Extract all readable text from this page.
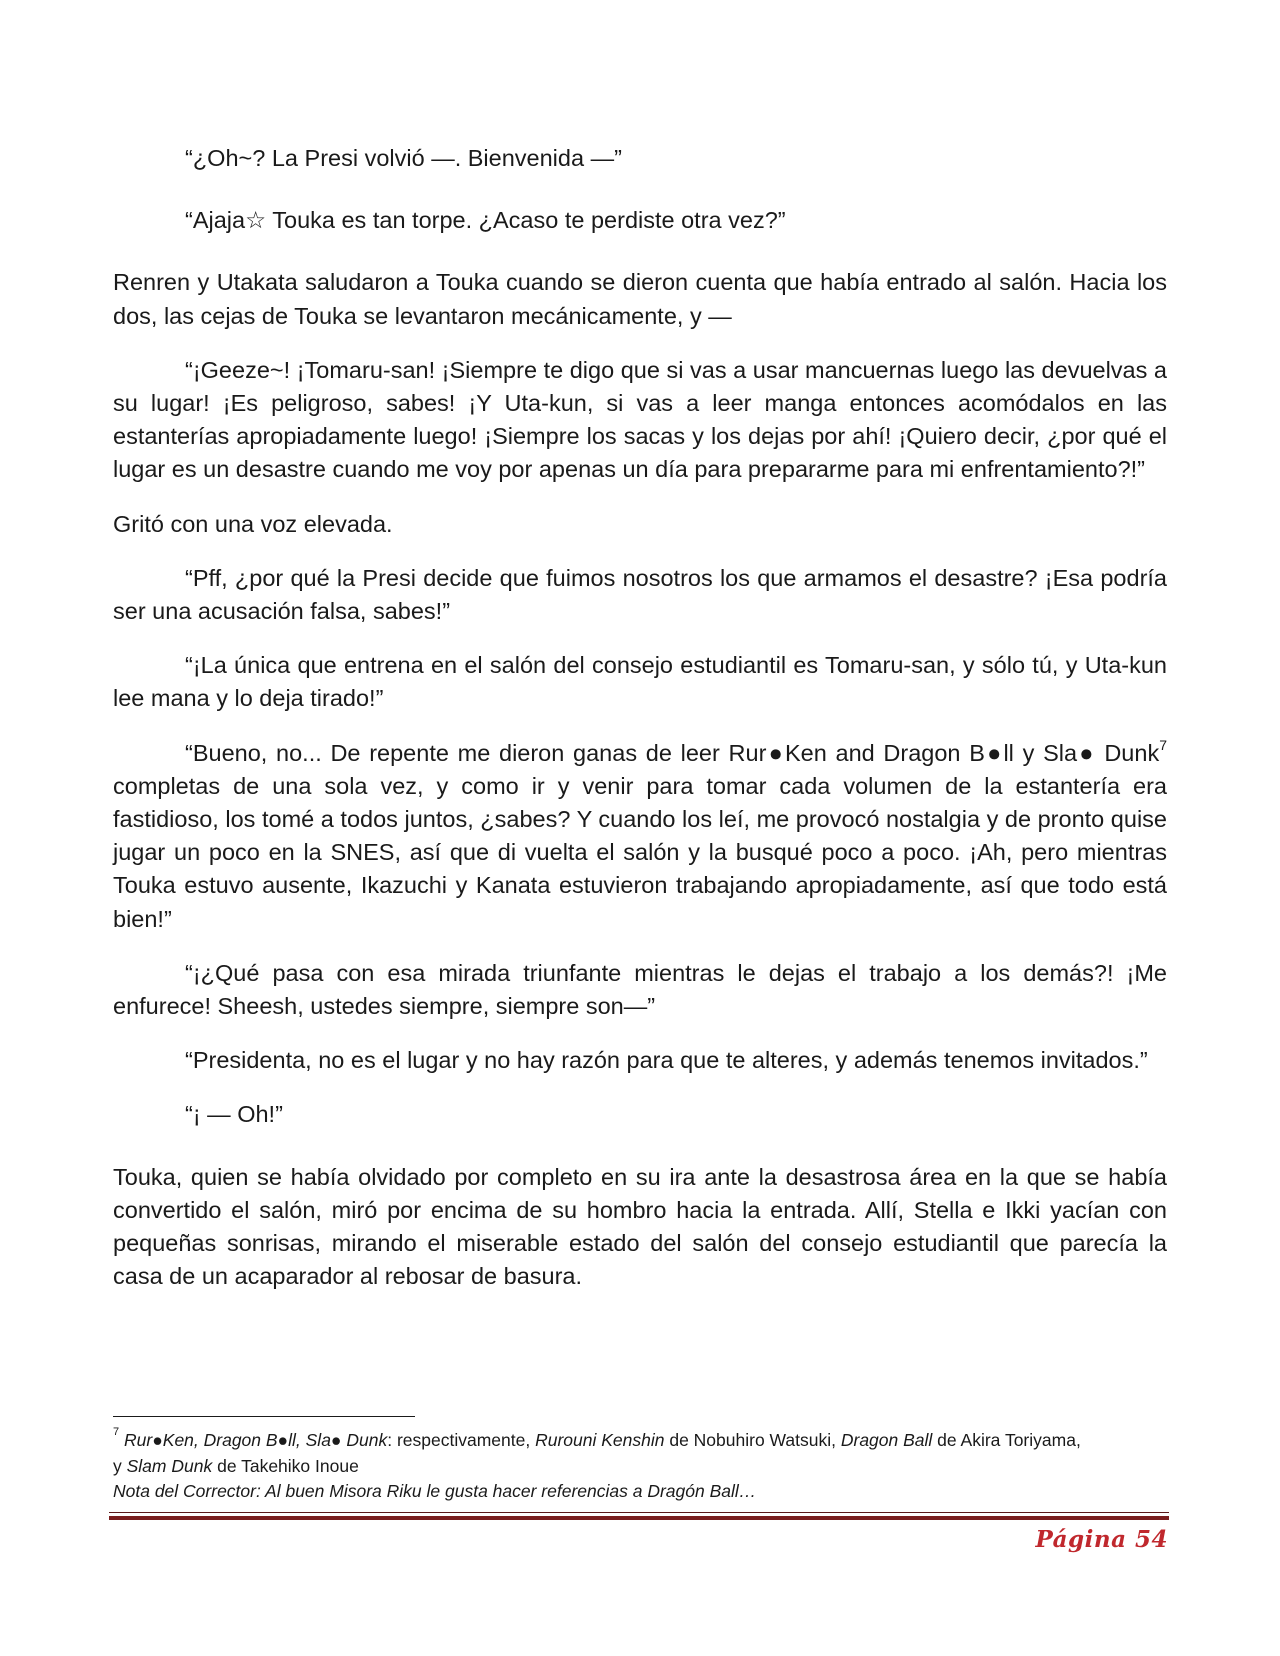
“¿Oh~? La Presi volvió —. Bienvenida —”

“Ajaja☆ Touka es tan torpe. ¿Acaso te perdiste otra vez?”

Renren y Utakata saludaron a Touka cuando se dieron cuenta que había entrado al salón. Hacia los dos, las cejas de Touka se levantaron mecánicamente, y —

“¡Geeze~! ¡Tomaru-san! ¡Siempre te digo que si vas a usar mancuernas luego las devuelvas a su lugar! ¡Es peligroso, sabes! ¡Y Uta-kun, si vas a leer manga entonces acomódalos en las estanterías apropiadamente luego! ¡Siempre los sacas y los dejas por ahí! ¡Quiero decir, ¿por qué el lugar es un desastre cuando me voy por apenas un día para prepararme para mi enfrentamiento?!”

Gritó con una voz elevada.

“Pff, ¿por qué la Presi decide que fuimos nosotros los que armamos el desastre? ¡Esa podría ser una acusación falsa, sabes!”

“¡La única que entrena en el salón del consejo estudiantil es Tomaru-san, y sólo tú, y Uta-kun lee mana y lo deja tirado!”

“Bueno, no... De repente me dieron ganas de leer Rur●Ken and Dragon B●ll y Sla● Dunk$^7$ completas de una sola vez, y como ir y venir para tomar cada volumen de la estantería era fastidioso, los tomé a todos juntos, ¿sabes? Y cuando los leí, me provocó nostalgia y de pronto quise jugar un poco en la SNES, así que di vuelta el salón y la busqué poco a poco. ¡Ah, pero mientras Touka estuvo ausente, Ikazuchi y Kanata estuvieron trabajando apropiadamente, así que todo está bien!”

“¡¿Qué pasa con esa mirada triunfante mientras le dejas el trabajo a los demás?! ¡Me enfurece! Sheesh, ustedes siempre, siempre son—”

“Presidenta, no es el lugar y no hay razón para que te alteres, y además tenemos invitados.”

“¡ — Oh!”

Touka, quien se había olvidado por completo en su ira ante la desastrosa área en la que se había convertido el salón, miró por encima de su hombro hacia la entrada. Allí, Stella e Ikki yacían con pequeñas sonrisas, mirando el miserable estado del salón del consejo estudiantil que parecía la casa de un acaparador al rebosar de basura.

$^7$ Rur●Ken, Dragon B●ll, Sla● Dunk: respectivamente, Rurouni Kenshin de Nobuhiro Watsuki, Dragon Ball de Akira Toriyama,

y Slam Dunk de Takehiko Inoue

Nota del Corrector: Al buen Misora Riku le gusta hacer referencias a Dragón Ball…

Página 54
